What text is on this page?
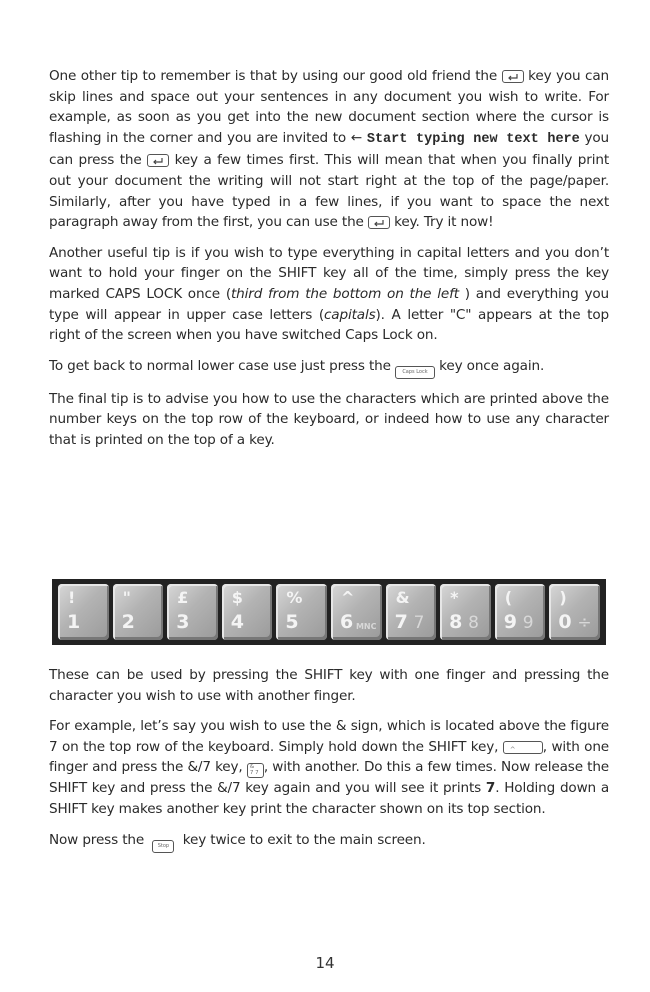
One other tip to remember is that by using our good old friend the key you can skip lines and space out your sentences in any document you wish to write. For example, as soon as you get into the new document section where the cursor is flashing in the corner and you are invited to ← Start typing new text here you can press the key a few times first. This will mean that when you finally print out your document the writing will not start right at the top of the page/paper. Similarly, after you have typed in a few lines, if you want to space the next paragraph away from the first, you can use the key. Try it now!

Another useful tip is if you wish to type everything in capital letters and you don’t want to hold your finger on the SHIFT key all of the time, simply press the key marked CAPS LOCK once (third from the bottom on the left ) and everything you type will appear in upper case letters (capitals). A letter "C" appears at the top right of the screen when you have switched Caps Lock on.

To get back to normal lower case use just press the Caps Lock key once again.

The final tip is to advise you how to use the characters which are printed above the number keys on the top row of the keyboard, or indeed how to use any character that is printed on the top of a key.

!
1
"
2
£
3
$
4
%
5
^
6 MNC
&
7 7
*
8 8
(
9 9
)
0 ÷

These can be used by pressing the SHIFT key with one finger and pressing the character you wish to use with another finger.

For example, let’s say you wish to use the & sign, which is located above the figure 7 on the top row of the keyboard. Simply hold down the SHIFT key, ^ , with one finger and press the &/7 key, &
7 7 , with another. Do this a few times. Now release the SHIFT key and press the &/7 key again and you will see it prints 7. Holding down a SHIFT key makes another key print the character shown on its top section.

Now press the	Stop key twice to exit to the main screen.

14
